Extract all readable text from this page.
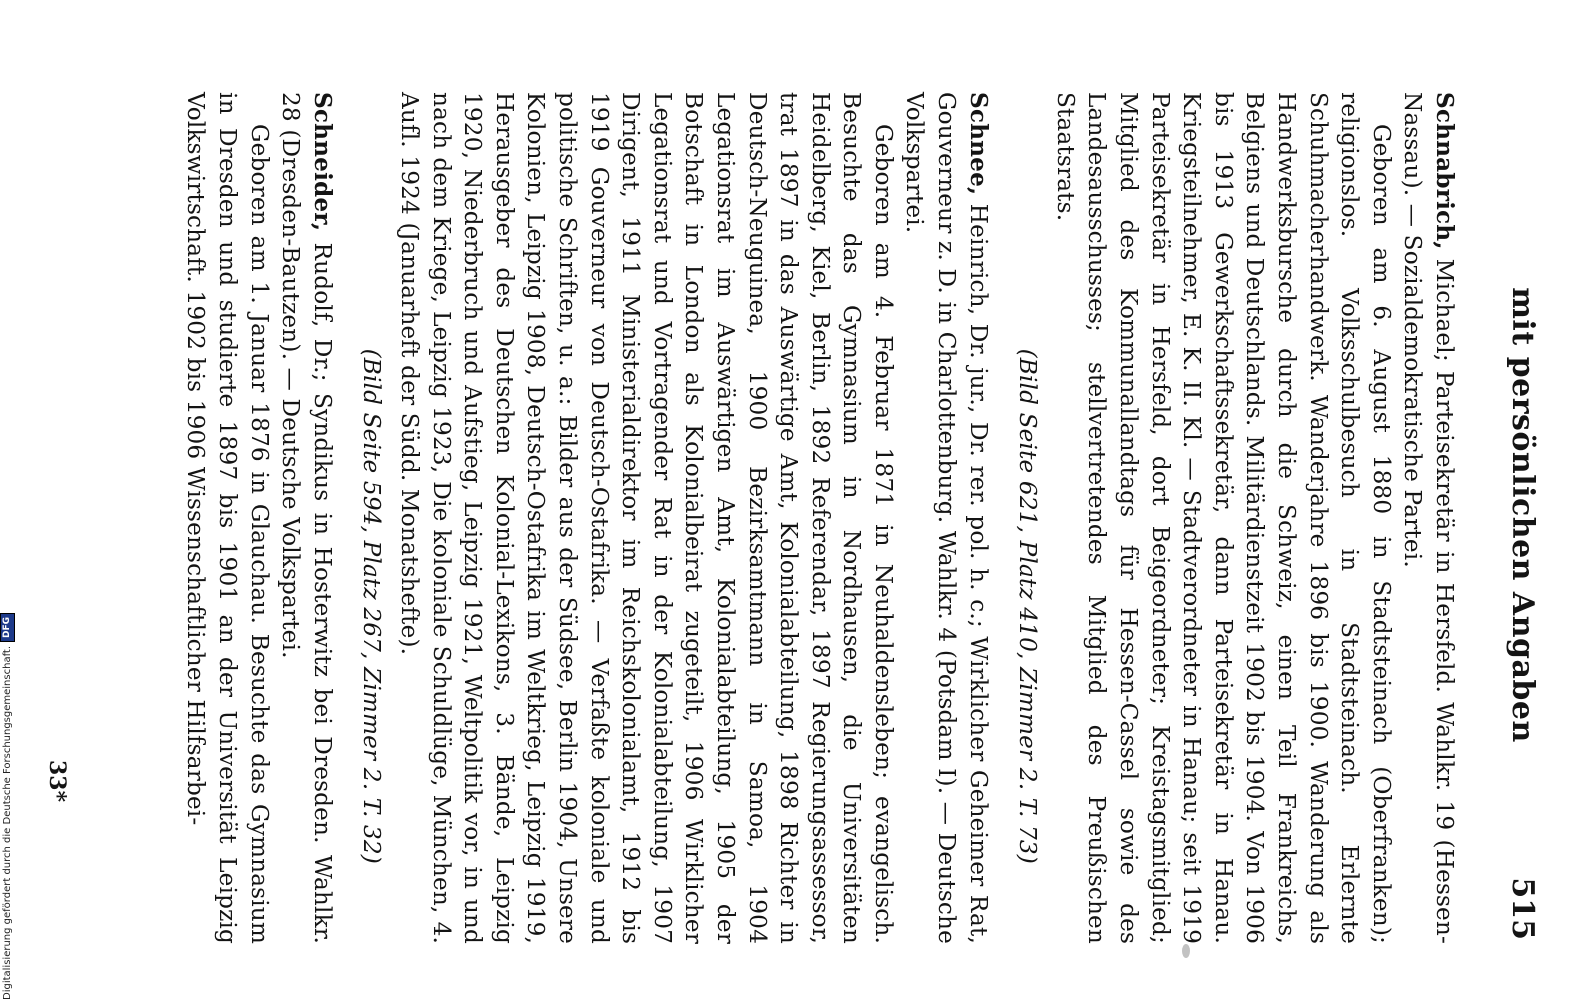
mit persönlichen Angaben
515

Schnabrich, Michael; Parteisekretär in Hersfeld. Wahlkr. 19 (Hessen-Nassau). — Sozialdemokratische Partei.

Geboren am 6. August 1880 in Stadtsteinach (Oberfranken); religionslos. Volksschulbesuch in Stadtsteinach. Erlernte Schuhmacherhandwerk. Wanderjahre 1896 bis 1900. Wanderung als Handwerksbursche durch die Schweiz, einen Teil Frankreichs, Belgiens und Deutschlands. Militärdienstzeit 1902 bis 1904. Von 1906 bis 1913 Gewerkschaftssekretär, dann Parteisekretär in Hanau. Kriegsteilnehmer, E. K. II. Kl. — Stadtverordneter in Hanau; seit 1919 Parteisekretär in Hersfeld, dort Beigeordneter; Kreistagsmitglied; Mitglied des Kommunallandtags für Hessen-Cassel sowie des Landesausschusses; stellvertretendes Mitglied des Preußischen Staatsrats.

(Bild Seite 621, Platz 410, Zimmer 2. T. 73)

Schnee, Heinrich, Dr. jur., Dr. rer. pol. h. c.; Wirklicher Geheimer Rat, Gouverneur z. D. in Charlottenburg. Wahlkr. 4 (Potsdam I). — Deutsche Volkspartei.

Geboren am 4. Februar 1871 in Neuhaldensleben; evangelisch. Besuchte das Gymnasium in Nordhausen, die Universitäten Heidelberg, Kiel, Berlin, 1892 Referendar, 1897 Regierungsassessor, trat 1897 in das Auswärtige Amt, Kolonialabteilung, 1898 Richter in Deutsch-Neuguinea, 1900 Bezirksamtmann in Samoa, 1904 Legationsrat im Auswärtigen Amt, Kolonialabteilung, 1905 der Botschaft in London als Kolonialbeirat zugeteilt, 1906 Wirklicher Legationsrat und Vortragender Rat in der Kolonialabteilung, 1907 Dirigent, 1911 Ministerialdirektor im Reichskolonialamt, 1912 bis 1919 Gouverneur von Deutsch-Ostafrika. — Verfaßte koloniale und politische Schriften, u. a.: Bilder aus der Südsee, Berlin 1904, Unsere Kolonien, Leipzig 1908, Deutsch-Ostafrika im Weltkrieg, Leipzig 1919, Herausgeber des Deutschen Kolonial-Lexikons, 3. Bände, Leipzig 1920, Niederbruch und Aufstieg, Leipzig 1921, Weltpolitik vor, in und nach dem Kriege, Leipzig 1923, Die koloniale Schuldlüge, München, 4. Aufl. 1924 (Januarheft der Südd. Monatshefte).

(Bild Seite 594, Platz 267, Zimmer 2. T. 32)

Schneider, Rudolf, Dr.; Syndikus in Hosterwitz bei Dresden. Wahlkr. 28 (Dresden-Bautzen). — Deutsche Volkspartei.

Geboren am 1. Januar 1876 in Glauchau. Besuchte das Gymnasium in Dresden und studierte 1897 bis 1901 an der Universität Leipzig Volkswirtschaft. 1902 bis 1906 Wissenschaftlicher Hilfsarbei-

33*
Digitalisierung gefördert durch die Deutsche Forschungsgemeinschaft.
DFG
